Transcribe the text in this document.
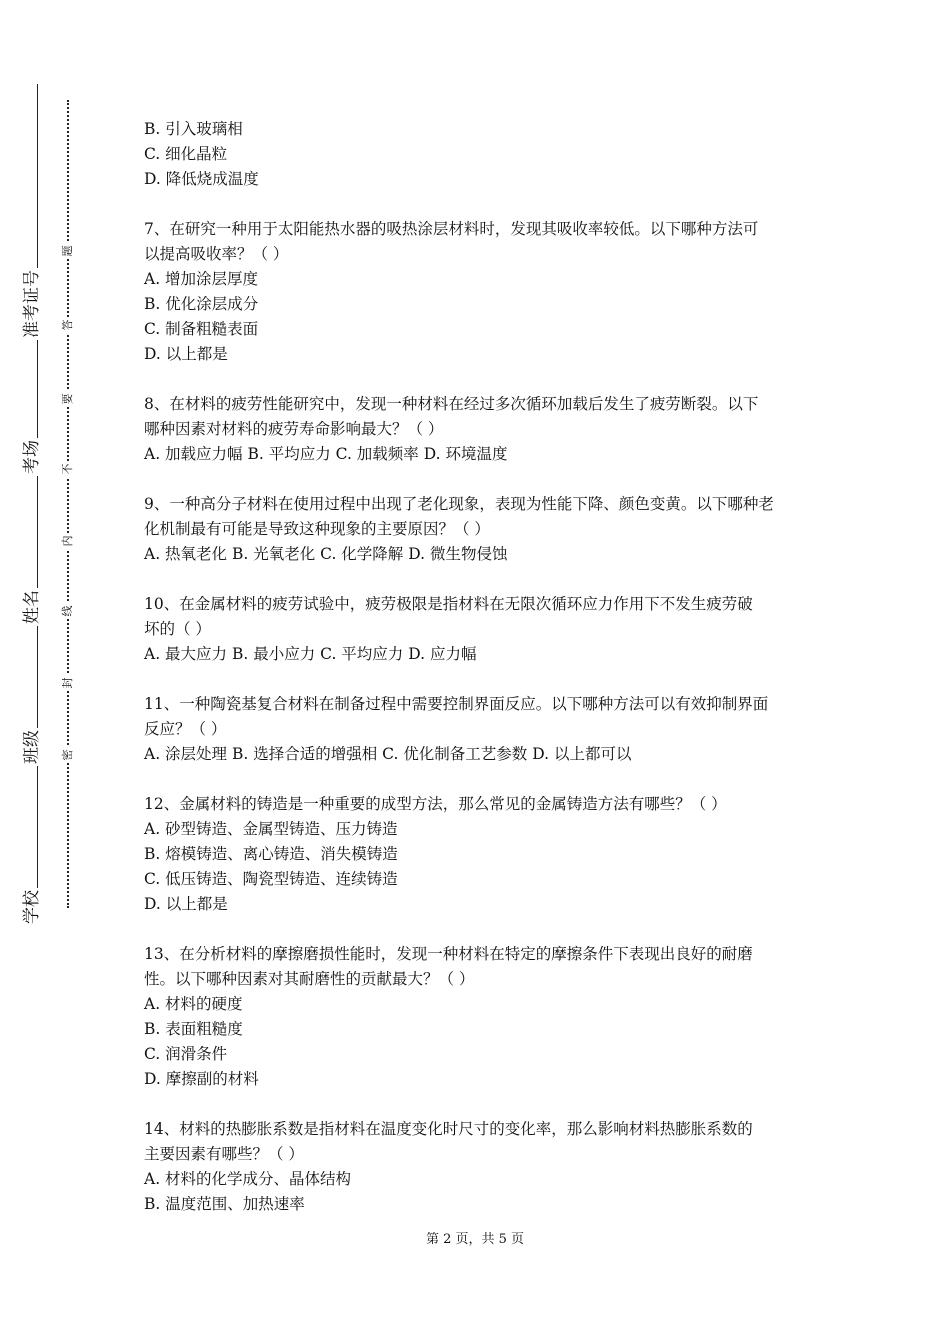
准考证号
考场
姓名
班级
学校
题
答
要
不
内
线
封
密

B. 引入玻璃相

C. 细化晶粒

D. 降低烧成温度

7、在研究一种用于太阳能热水器的吸热涂层材料时，发现其吸收率较低。以下哪种方法可

以提高吸收率？（ ）

A. 增加涂层厚度

B. 优化涂层成分

C. 制备粗糙表面

D. 以上都是

8、在材料的疲劳性能研究中，发现一种材料在经过多次循环加载后发生了疲劳断裂。以下

哪种因素对材料的疲劳寿命影响最大？（ ）

A. 加载应力幅 B. 平均应力 C. 加载频率 D. 环境温度

9、一种高分子材料在使用过程中出现了老化现象，表现为性能下降、颜色变黄。以下哪种老

化机制最有可能是导致这种现象的主要原因？（ ）

A. 热氧老化 B. 光氧老化 C. 化学降解 D. 微生物侵蚀

10、在金属材料的疲劳试验中，疲劳极限是指材料在无限次循环应力作用下不发生疲劳破

坏的（ ）

A. 最大应力 B. 最小应力 C. 平均应力 D. 应力幅

11、一种陶瓷基复合材料在制备过程中需要控制界面反应。以下哪种方法可以有效抑制界面

反应？（ ）

A. 涂层处理 B. 选择合适的增强相 C. 优化制备工艺参数 D. 以上都可以

12、金属材料的铸造是一种重要的成型方法，那么常见的金属铸造方法有哪些？（ ）

A. 砂型铸造、金属型铸造、压力铸造

B. 熔模铸造、离心铸造、消失模铸造

C. 低压铸造、陶瓷型铸造、连续铸造

D. 以上都是

13、在分析材料的摩擦磨损性能时，发现一种材料在特定的摩擦条件下表现出良好的耐磨

性。以下哪种因素对其耐磨性的贡献最大？（ ）

A. 材料的硬度

B. 表面粗糙度

C. 润滑条件

D. 摩擦副的材料

14、材料的热膨胀系数是指材料在温度变化时尺寸的变化率，那么影响材料热膨胀系数的

主要因素有哪些？（ ）

A. 材料的化学成分、晶体结构

B. 温度范围、加热速率

第 2 页，共 5 页
